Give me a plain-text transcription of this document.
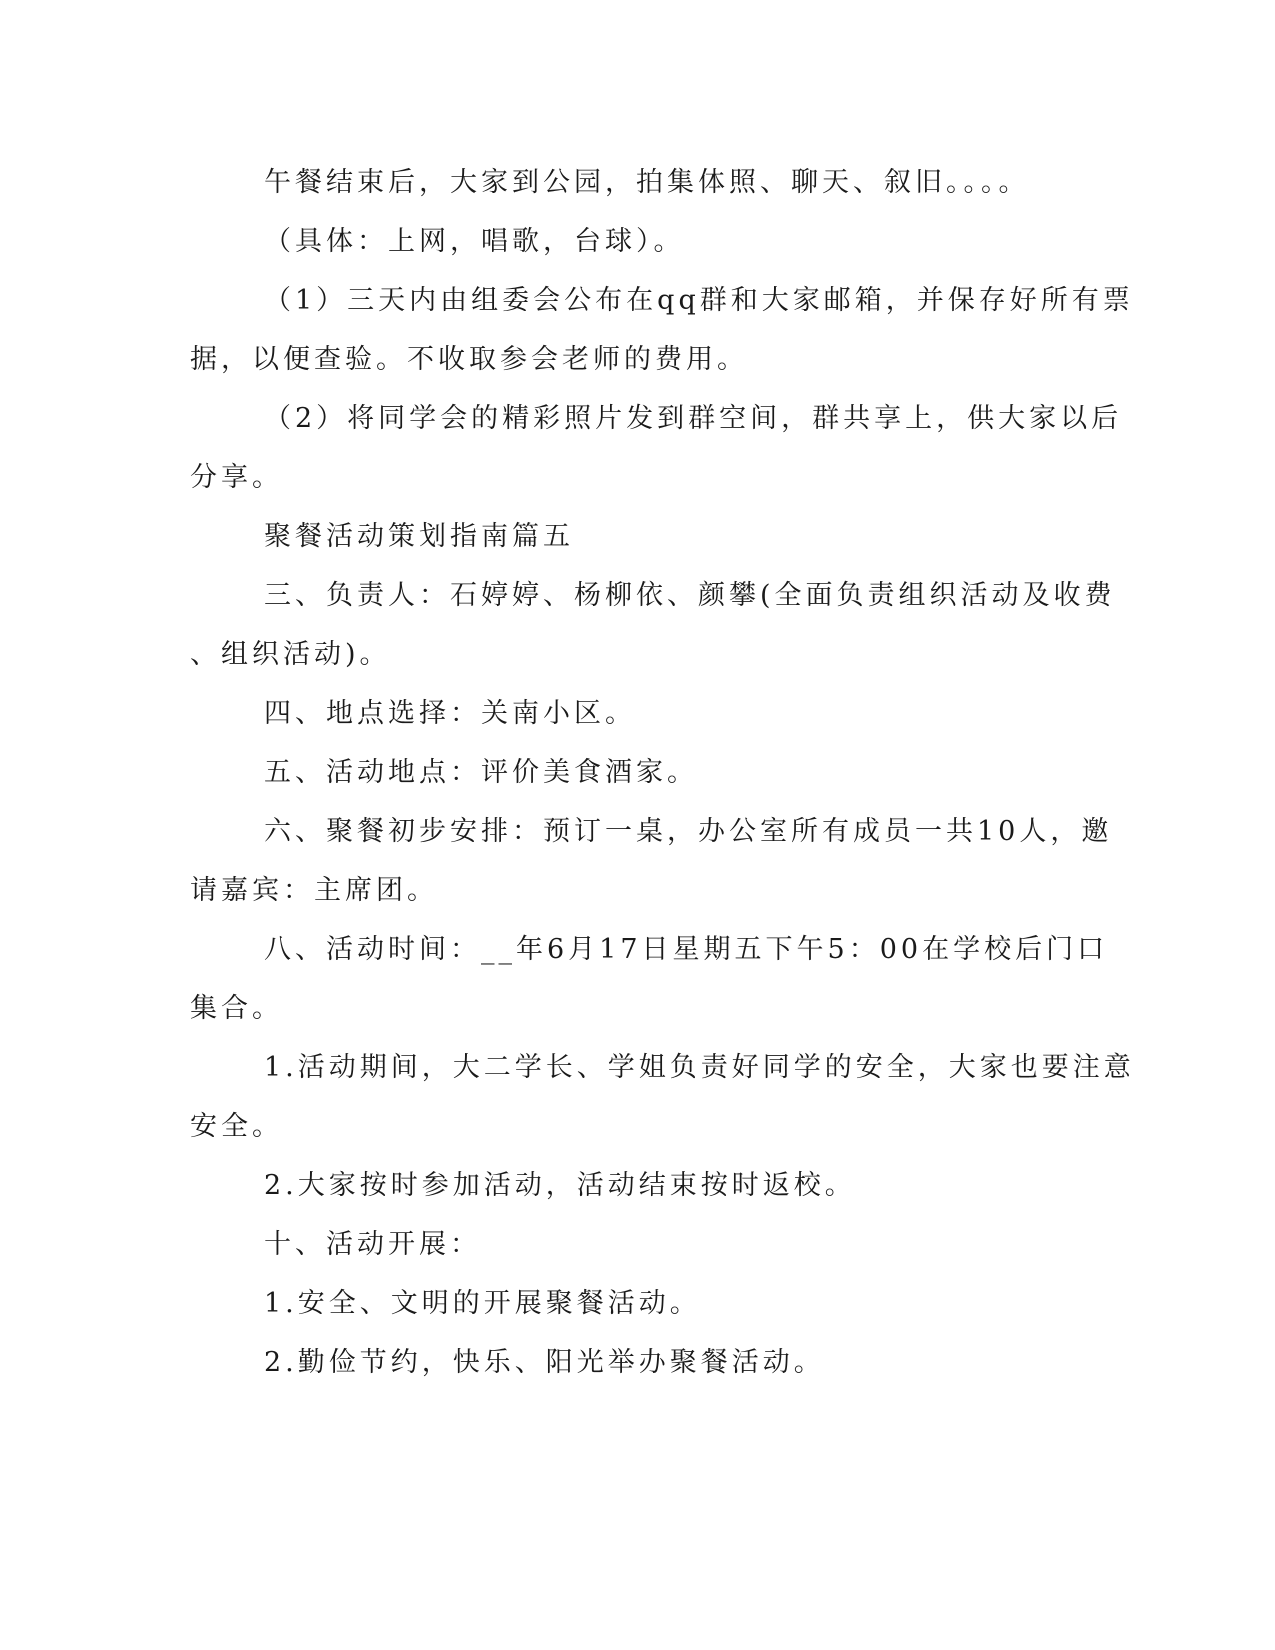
午餐结束后，大家到公园，拍集体照、聊天、叙旧。。。。
（具体：上网，唱歌，台球）。
（1）三天内由组委会公布在qq群和大家邮箱，并保存好所有票
据，以便查验。不收取参会老师的费用。
（2）将同学会的精彩照片发到群空间，群共享上，供大家以后
分享。
聚餐活动策划指南篇五
三、负责人：石婷婷、杨柳依、颜攀(全面负责组织活动及收费
、组织活动)。
四、地点选择：关南小区。
五、活动地点：评价美食酒家。
六、聚餐初步安排：预订一桌，办公室所有成员一共10人，邀
请嘉宾：主席团。
八、活动时间：__年6月17日星期五下午5：00在学校后门口
集合。
1.活动期间，大二学长、学姐负责好同学的安全，大家也要注意
安全。
2.大家按时参加活动，活动结束按时返校。
十、活动开展：
1.安全、文明的开展聚餐活动。
2.勤俭节约，快乐、阳光举办聚餐活动。
